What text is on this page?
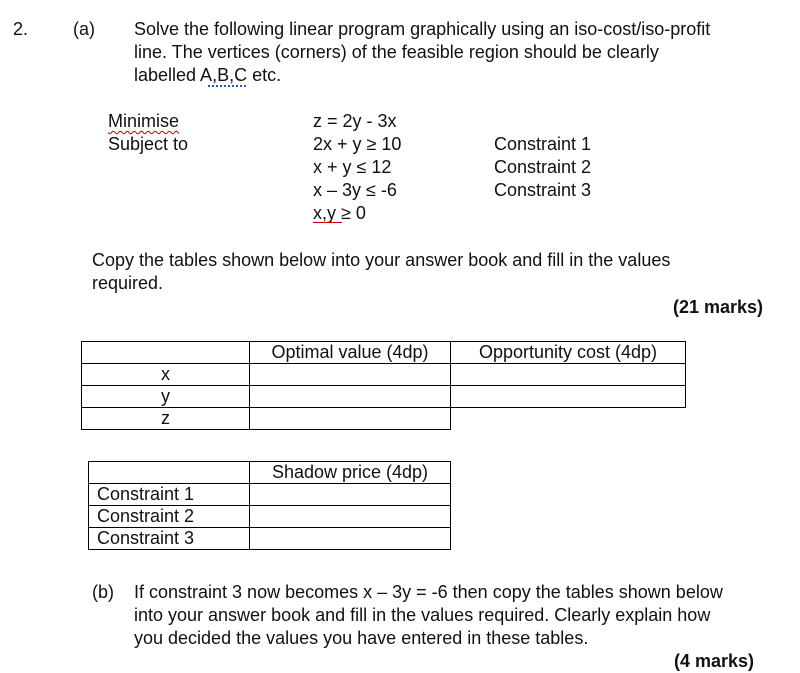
2. (a) Solve the following linear program graphically using an iso-cost/iso-profit
line. The vertices (corners) of the feasible region should be clearly
labelled A,B,C etc.
Minimise
Subject to
z = 2y - 3x
2x + y ≥ 10
x + y ≤ 12
x – 3y ≤ -6
x,y ≥ 0
Constraint 1
Constraint 2
Constraint 3
Copy the tables shown below into your answer book and fill in the values
required.
(21 marks)
	Optimal value (4dp)	Opportunity cost (4dp)
x		
y		
z		
	Shadow price (4dp)
Constraint 1	
Constraint 2	
Constraint 3	
(b) If constraint 3 now becomes x – 3y = -6 then copy the tables shown below
into your answer book and fill in the values required. Clearly explain how
you decided the values you have entered in these tables.
(4 marks)
